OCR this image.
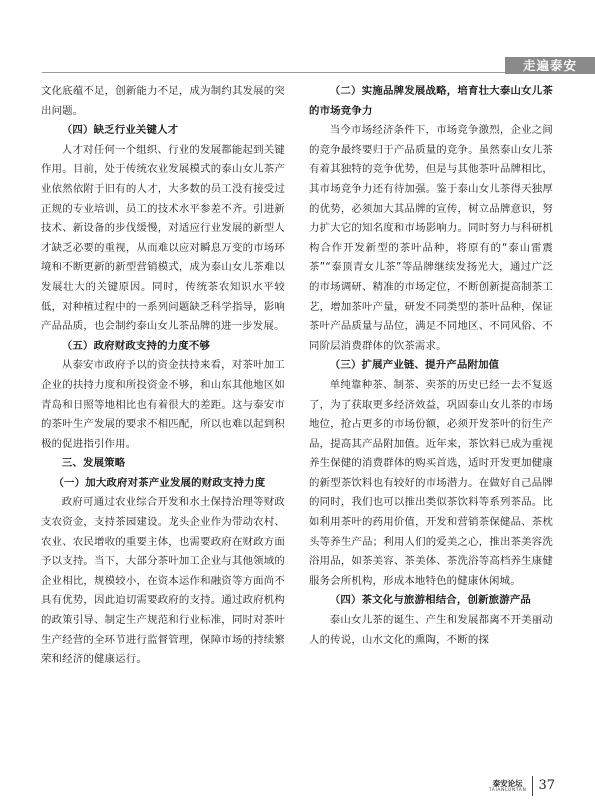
走遍泰安

文化底蕴不足，创新能力不足，成为制约其发展的突出问题。

（四）缺乏行业关键人才

人才对任何一个组织、行业的发展都能起到关键作用。目前，处于传统农业发展模式的泰山女儿茶产业依然依附于旧有的人才，大多数的员工没有接受过正规的专业培训，员工的技术水平参差不齐。引进新技术、新设备的步伐缓慢，对适应行业发展的新型人才缺乏必要的重视，从而难以应对瞬息万变的市场环境和不断更新的新型营销模式，成为泰山女儿茶难以发展壮大的关键原因。同时，传统茶农知识水平较低，对种植过程中的一系列问题缺乏科学指导，影响产品品质，也会制约泰山女儿茶品牌的进一步发展。

（五）政府财政支持的力度不够

从泰安市政府予以的资金扶持来看，对茶叶加工企业的扶持力度和所投资金不够，和山东其他地区如青岛和日照等地相比也有着很大的差距。这与泰安市的茶叶生产发展的要求不相匹配，所以也难以起到积极的促进指引作用。

三、发展策略
（一）加大政府对茶产业发展的财政支持力度

政府可通过农业综合开发和水土保持治理等财政支农资金，支持茶园建设。龙头企业作为带动农村、农业、农民增收的重要主体，也需要政府在财政方面予以支持。当下，大部分茶叶加工企业与其他领域的企业相比，规模较小，在资本运作和融资等方面尚不具有优势，因此迫切需要政府的支持。通过政府机构的政策引导、制定生产规范和行业标准，同时对茶叶生产经营的全环节进行监督管理，保障市场的持续繁荣和经济的健康运行。

（二）实施品牌发展战略，培育壮大泰山女儿茶的市场竞争力

当今市场经济条件下，市场竞争激烈，企业之间的竞争最终要归于产品质量的竞争。虽然泰山女儿茶有着其独特的竞争优势，但是与其他茶叶品牌相比，其市场竞争力还有待加强。鉴于泰山女儿茶得天独厚的优势，必须加大其品牌的宣传，树立品牌意识，努力扩大它的知名度和市场影响力。同时努力与科研机构合作开发新型的茶叶品种，将原有的“泰山雷震茶”“泰顶青女儿茶”等品牌继续发扬光大，通过广泛的市场调研、精准的市场定位，不断创新提高制茶工艺，增加茶叶产量，研发不同类型的茶叶品种，保证茶叶产品质量与品位，满足不同地区、不同风俗、不同阶层消费群体的饮茶需求。

（三）扩展产业链、提升产品附加值

单纯靠种茶、制茶、卖茶的历史已经一去不复返了，为了获取更多经济效益，巩固泰山女儿茶的市场地位，抢占更多的市场份额，必须开发茶叶的衍生产品，提高其产品附加值。近年来，茶饮料已成为重视养生保健的消费群体的购买首选，适时开发更加健康的新型茶饮料也有较好的市场潜力。在做好自己品牌的同时，我们也可以推出类似茶饮料等系列茶品。比如利用茶叶的药用价值，开发和营销茶保健品、茶枕头等养生产品；利用人们的爱美之心，推出茶美容洗浴用品，如茶美容、茶美体、茶洗浴等高档养生康健服务会所机构，形成本地特色的健康休闲城。

（四）茶文化与旅游相结合，创新旅游产品

泰山女儿茶的诞生、产生和发展都离不开美丽动人的传说，山水文化的熏陶，不断的探

泰安论坛
TAIANLUNTAN 37
